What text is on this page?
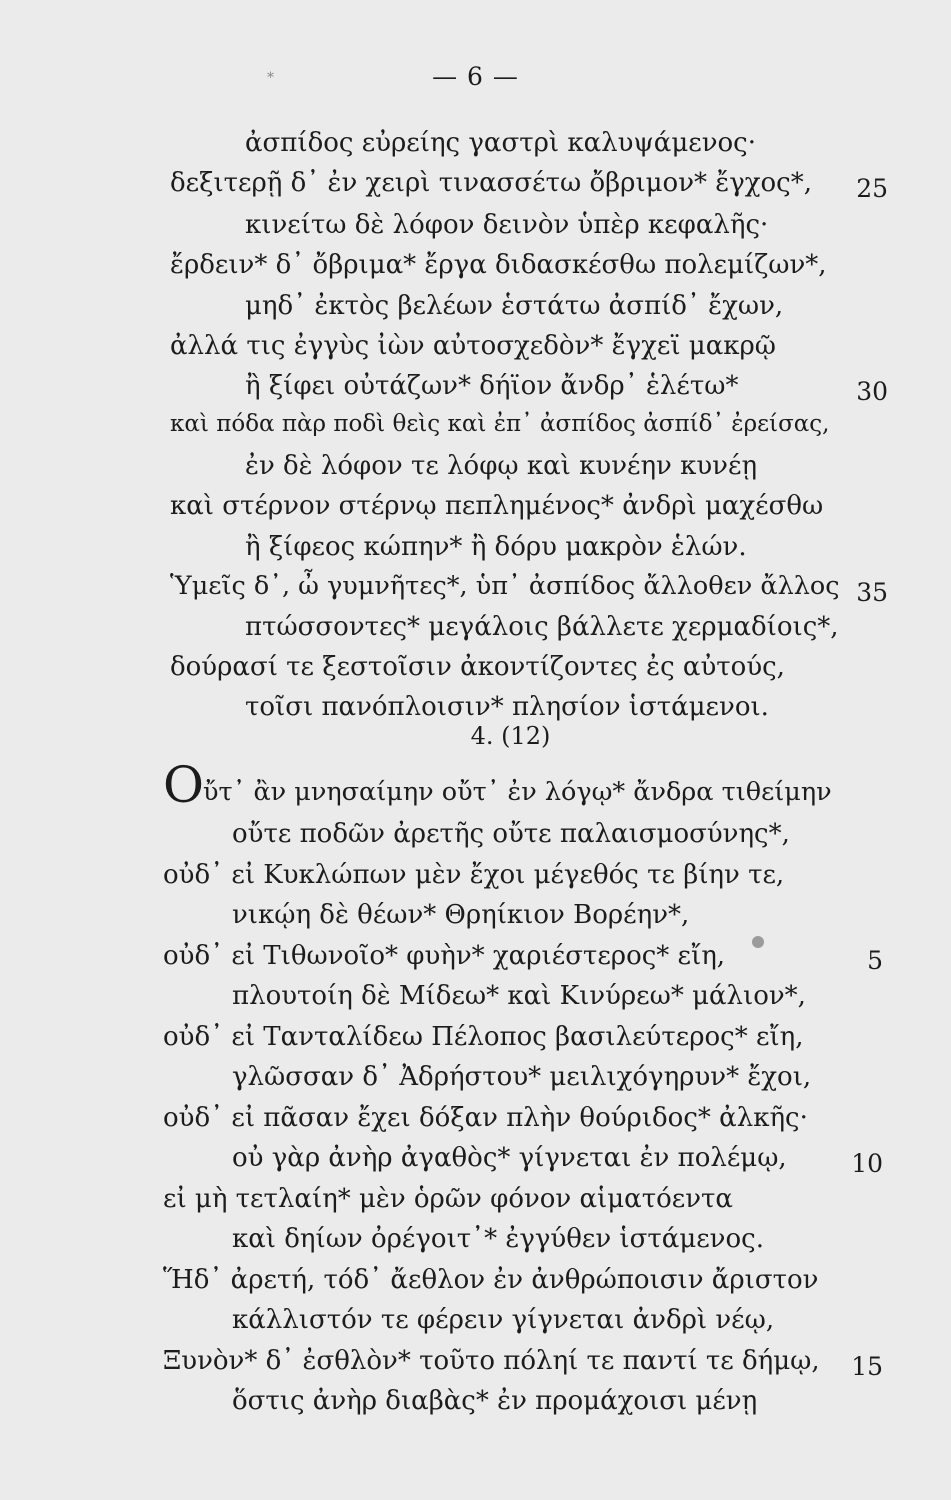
*	— 6 —
ἀσπίδος εὐρείης γαστρὶ καλυψάμενος·
δεξιτερῇ δ᾽ ἐν χειρὶ τινασσέτω ὄβριμον* ἔγχος*,
κινείτω δὲ λόφον δεινὸν ὑπὲρ κεφαλῆς·
ἔρδειν* δ᾽ ὄβριμα* ἔργα διδασκέσθω πολεμίζων*,
μηδ᾽ ἐκτὸς βελέων ἑστάτω ἀσπίδ᾽ ἔχων,
ἀλλά τις ἐγγὺς ἰὼν αὐτοσχεδὸν* ἔγχεϊ μακρῷ
ἢ ξίφει οὐτάζων* δήϊον ἄνδρ᾽ ἑλέτω*
καὶ πόδα πὰρ ποδὶ θεὶς καὶ ἐπ᾽ ἀσπίδος ἀσπίδ᾽ ἐρείσας,
ἐν δὲ λόφον τε λόφῳ καὶ κυνέην κυνέῃ
καὶ στέρνον στέρνῳ πεπλημένος* ἀνδρὶ μαχέσθω
ἢ ξίφεος κώπην* ἢ δόρυ μακρὸν ἑλών.
Ὑμεῖς δ᾽, ὦ γυμνῆτες*, ὑπ᾽ ἀσπίδος ἄλλοθεν ἄλλος
πτώσσοντες* μεγάλοις βάλλετε χερμαδίοις*,
δούρασί τε ξεστοῖσιν ἀκοντίζοντες ἐς αὐτούς,
τοῖσι πανόπλοισιν* πλησίον ἱστάμενοι.
25
30
35
4. (12)
O ὔτ᾽ ἂν μνησαίμην οὔτ᾽ ἐν λόγῳ* ἄνδρα τιθείμην
οὔτε ποδῶν ἀρετῆς οὔτε παλαισμοσύνης*,
οὐδ᾽ εἰ Κυκλώπων μὲν ἔχοι μέγεθός τε βίην τε,
νικῴη δὲ θέων* Θρηίκιον Βορέην*,
οὐδ᾽ εἰ Τιθωνοῖο* φυὴν* χαριέστερος* εἴη,
πλουτοίη δὲ Μίδεω* καὶ Κινύρεω* μάλιον*,
οὐδ᾽ εἰ Τανταλίδεω Πέλοπος βασιλεύτερος* εἴη,
γλῶσσαν δ᾽ Ἀδρήστου* μειλιχόγηρυν* ἔχοι,
οὐδ᾽ εἰ πᾶσαν ἔχει δόξαν πλὴν θούριδος* ἀλκῆς·
οὐ γὰρ ἀνὴρ ἀγαθὸς* γίγνεται ἐν πολέμῳ,
εἰ μὴ τετλαίη* μὲν ὁρῶν φόνον αἱματόεντα
καὶ δηίων ὀρέγοιτ᾽* ἐγγύθεν ἱστάμενος.
Ἥδ᾽ ἀρετή, τόδ᾽ ἄεθλον ἐν ἀνθρώποισιν ἄριστον
κάλλιστόν τε φέρειν γίγνεται ἀνδρὶ νέῳ,
Ξυνὸν* δ᾽ ἐσθλὸν* τοῦτο πόληί τε παντί τε δήμῳ,
ὅστις ἀνὴρ διαβὰς* ἐν προμάχοισι μένῃ
5
10
15
